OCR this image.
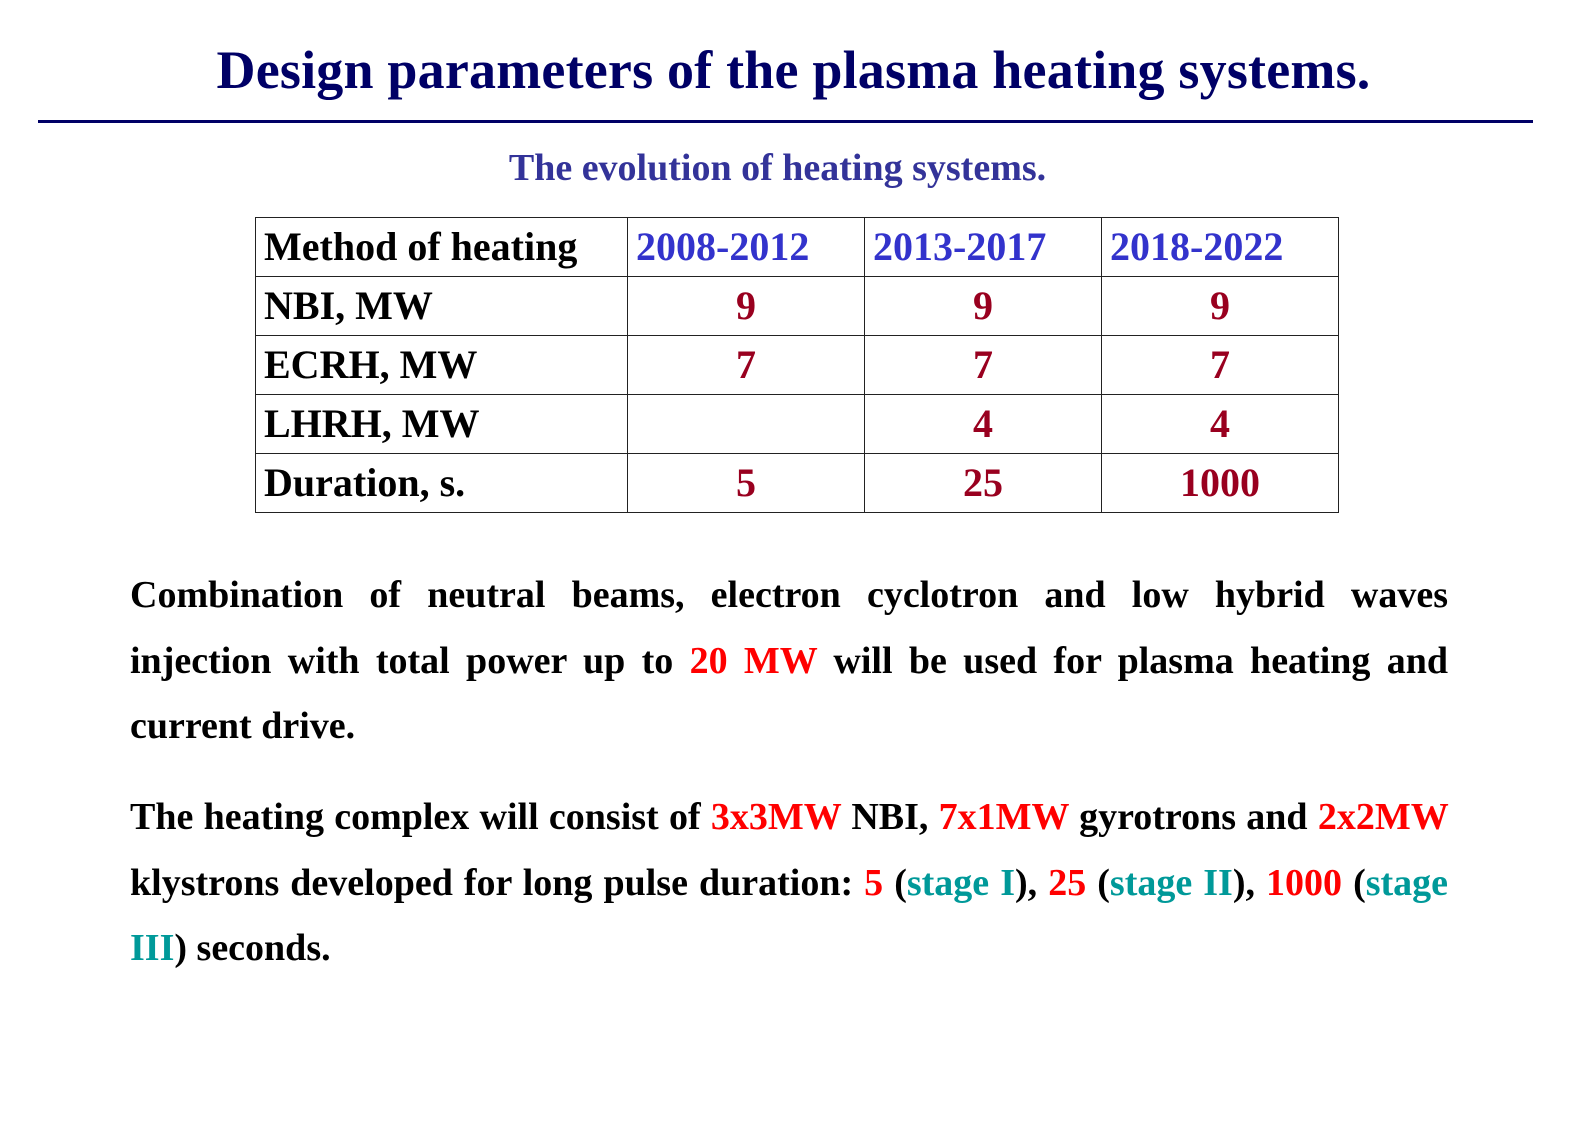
Design parameters of the plasma heating systems.
The evolution of heating systems.
Method of heating	2008-2012	2013-2017	2018-2022
NBI, MW	9	9	9
ECRH, MW	7	7	7
LHRH, MW		4	4
Duration, s.	5	25	1000
Combination of neutral beams, electron cyclotron and low hybrid waves injection with total power up to 20 MW will be used for plasma heating and current drive.
The heating complex will consist of 3x3MW NBI, 7x1MW gyrotrons and 2x2MW klystrons developed for long pulse duration: 5 (stage I), 25 (stage II), 1000 (stage III) seconds.
